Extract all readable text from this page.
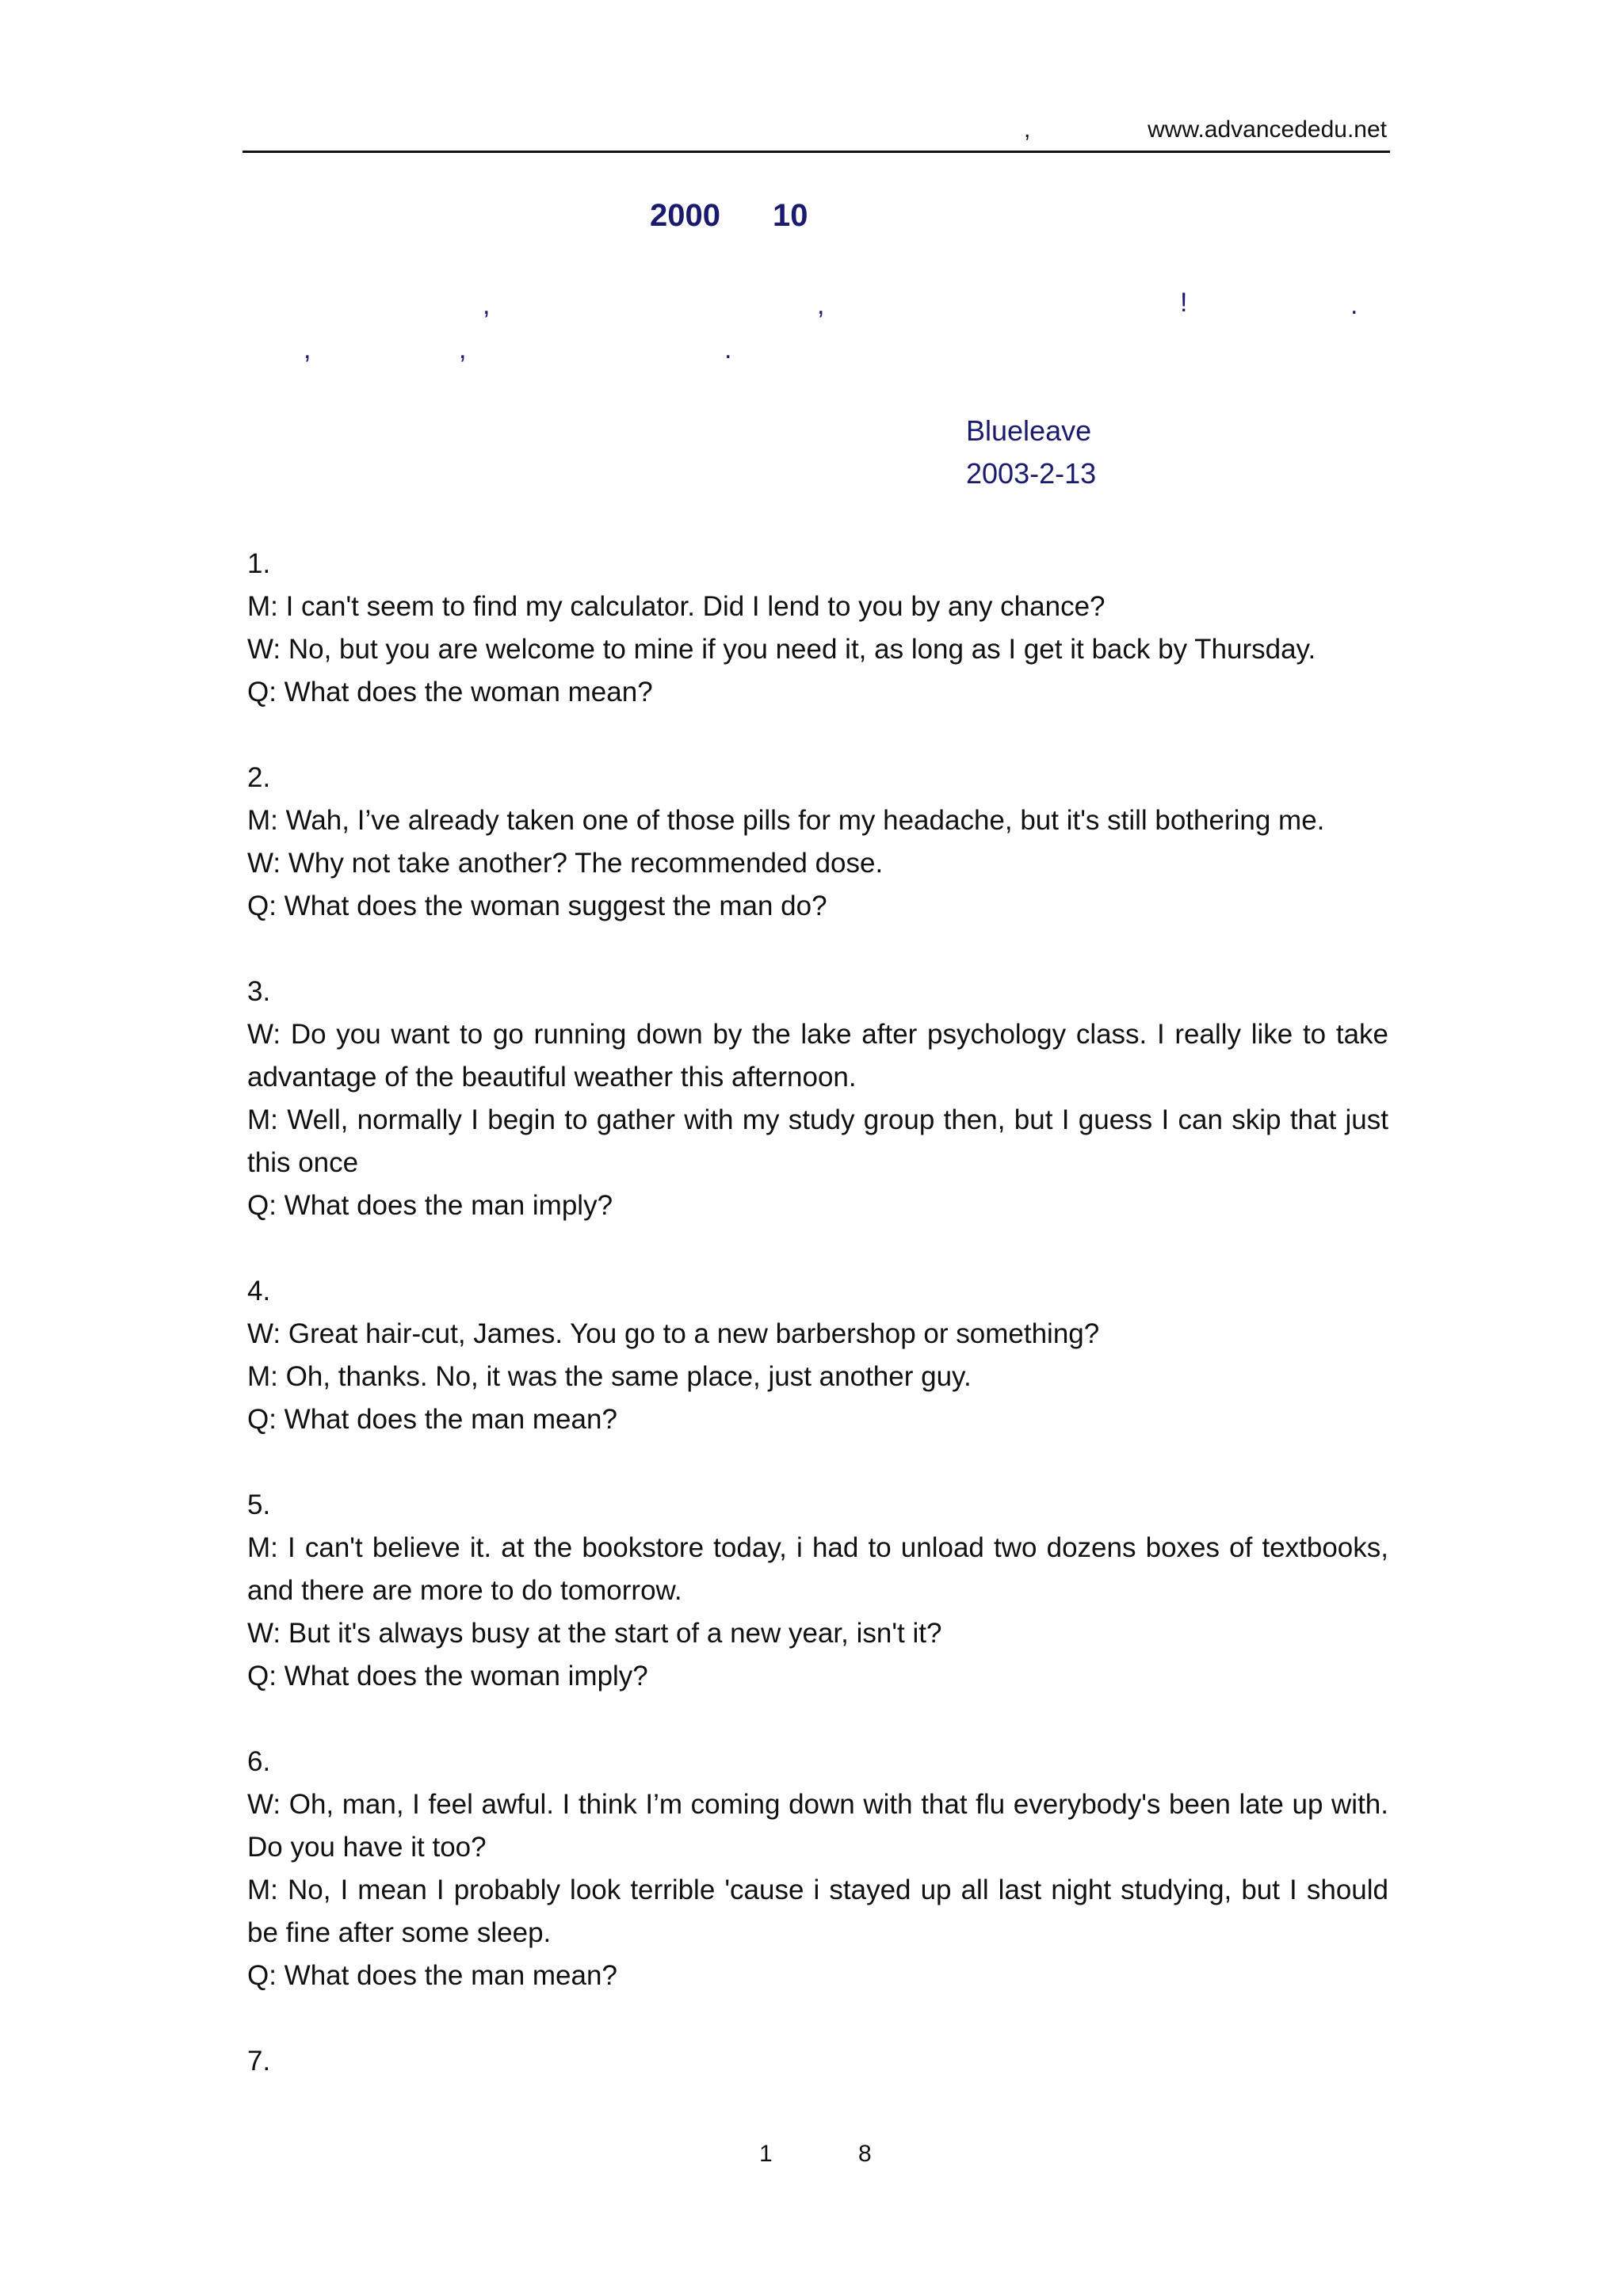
,	www.advancededu.net
2000 10
,	,	!	.
,	,	.
Blueleave
2003-2-13
1.
M: I can't seem to find my calculator. Did I lend to you by any chance?
W: No, but you are welcome to mine if you need it, as long as I get it back by Thursday.
Q: What does the woman mean?
2.
M: Wah, I’ve already taken one of those pills for my headache, but it's still bothering me.
W: Why not take another? The recommended dose.
Q: What does the woman suggest the man do?
3.
W: Do you want to go running down by the lake after psychology class. I really like to take advantage of the beautiful weather this afternoon.
M: Well, normally I begin to gather with my study group then, but I guess I can skip that just this once
Q: What does the man imply?
4.
W: Great hair-cut, James. You go to a new barbershop or something?
M: Oh, thanks. No, it was the same place, just another guy.
Q: What does the man mean?
5.
M: I can't believe it. at the bookstore today, i had to unload two dozens boxes of textbooks, and there are more to do tomorrow.
W: But it's always busy at the start of a new year, isn't it?
Q: What does the woman imply?
6.
W: Oh, man, I feel awful. I think I’m coming down with that flu everybody's been late up with. Do you have it too?
M: No, I mean I probably look terrible 'cause i stayed up all last night studying, but I should be fine after some sleep.
Q: What does the man mean?
7.
1	8
